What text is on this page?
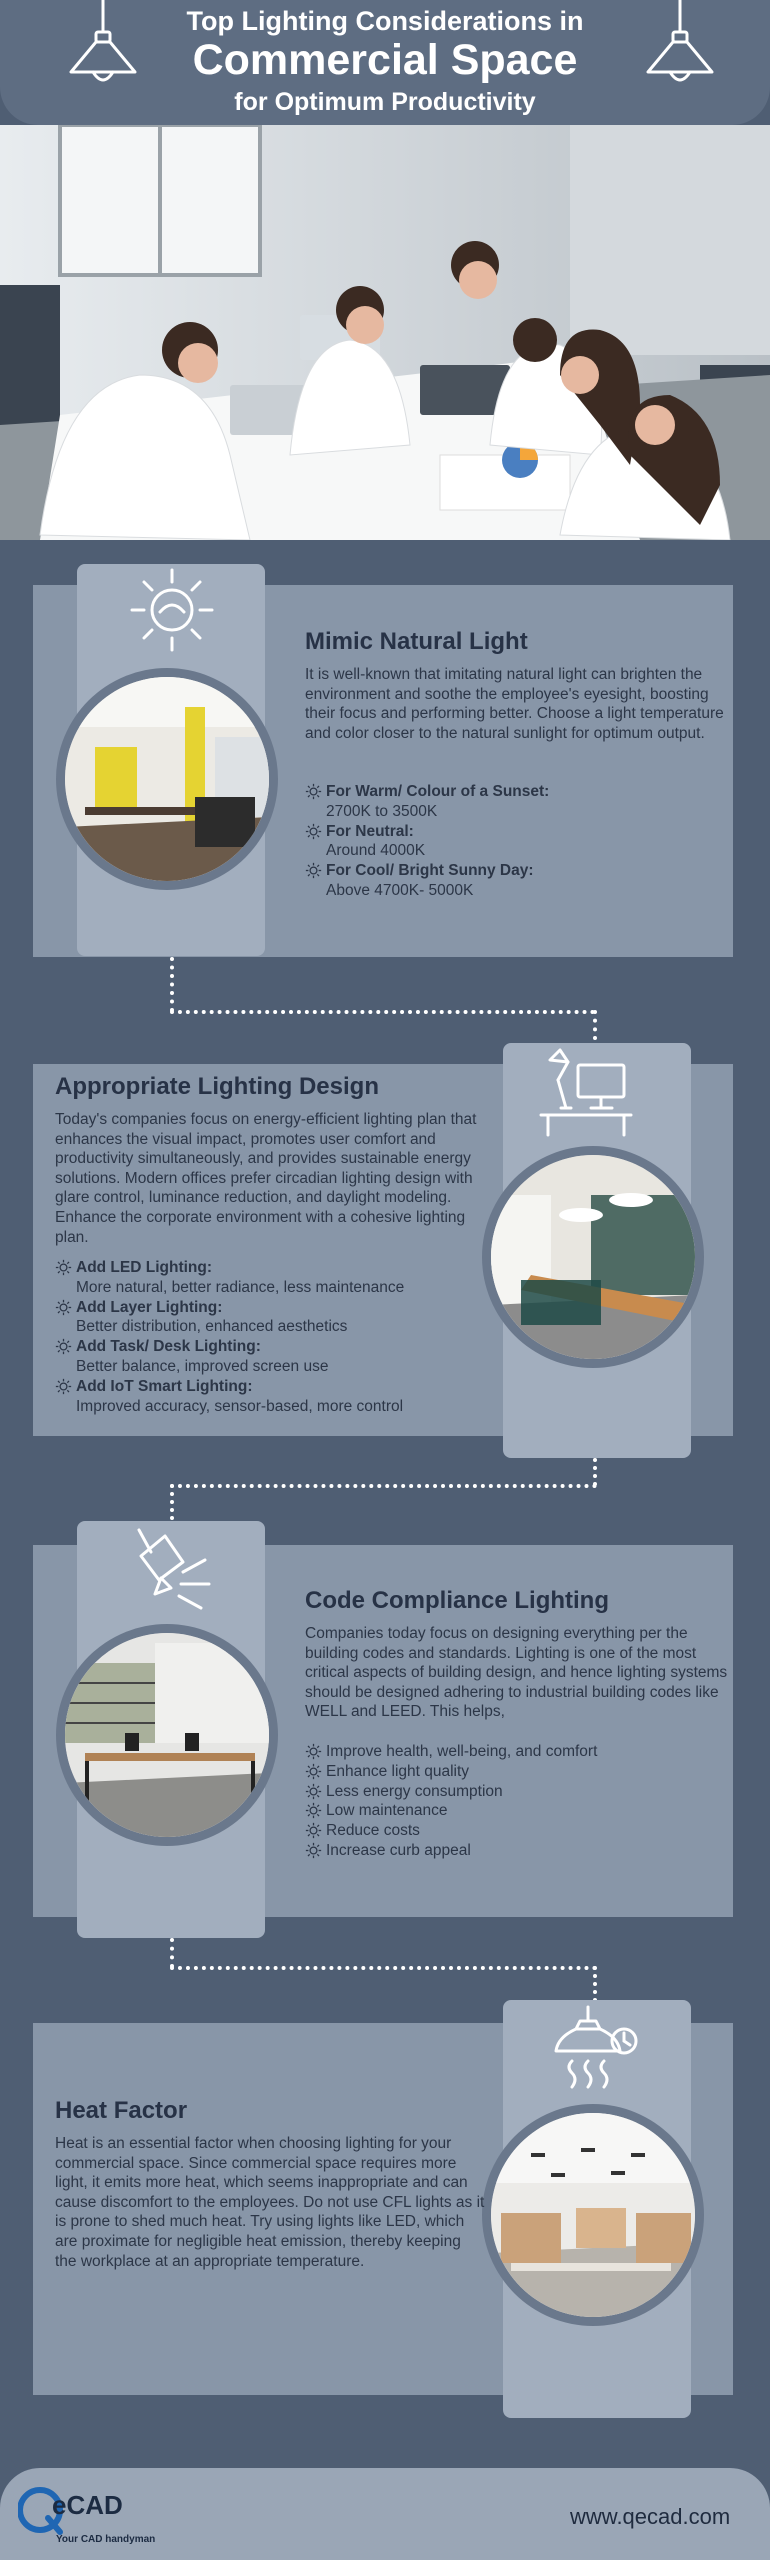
Top Lighting Considerations in
Commercial Space
for Optimum Productivity
Mimic Natural Light
It is well-known that imitating natural light can brighten the environment and soothe the employee's eyesight, boosting their focus and performing better. Choose a light temperature and color closer to the natural sunlight for optimum output.
For Warm/ Colour of a Sunset:
2700K to 3500K
For Neutral:
Around 4000K
For Cool/ Bright Sunny Day:
Above 4700K- 5000K
Appropriate Lighting Design
Today's companies focus on energy-efficient lighting plan that enhances the visual impact, promotes user comfort and productivity simultaneously, and provides sustainable energy solutions. Modern offices prefer circadian lighting design with glare control, luminance reduction, and daylight modeling. Enhance the corporate environment with a cohesive lighting plan.
Add LED Lighting:
More natural, better radiance, less maintenance
Add Layer Lighting:
Better distribution, enhanced aesthetics
Add Task/ Desk Lighting:
Better balance, improved screen use
Add IoT Smart Lighting:
Improved accuracy, sensor-based, more control
Code Compliance Lighting
Companies today focus on designing everything per the building codes and standards. Lighting is one of the most critical aspects of building design, and hence lighting systems should be designed adhering to industrial building codes like WELL and LEED. This helps,
Improve health, well-being, and comfort
Enhance light quality
Less energy consumption
Low maintenance
Reduce costs
Increase curb appeal
Heat Factor
Heat is an essential factor when choosing lighting for your commercial space. Since commercial space requires more light, it emits more heat, which seems inappropriate and can cause discomfort to the employees. Do not use CFL lights as it is prone to shed much heat. Try using lights like LED, which are proximate for negligible heat emission, thereby keeping the workplace at an appropriate temperature.
eCAD
Your CAD handyman
www.qecad.com
